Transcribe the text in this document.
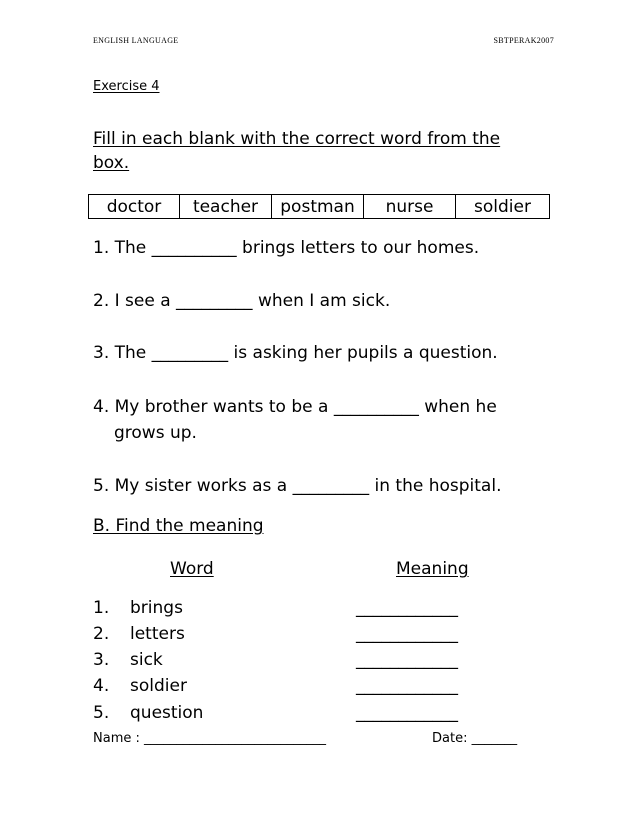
ENGLISH LANGUAGE	SBTPERAK2007
Exercise 4
Fill in each blank with the correct word from the
box.
doctor	teacher	postman	nurse	soldier
1. The __________ brings letters to our homes.
2. I see a _________ when I am sick.
3. The _________ is asking her pupils a question.
4. My brother wants to be a __________ when he
grows up.
5. My sister works as a _________ in the hospital.
B. Find the meaning
Word	Meaning
1. brings	____________
2. letters	____________
3. sick	____________
4. soldier	____________
5. question	____________
Name : ____________________________	Date: _______
